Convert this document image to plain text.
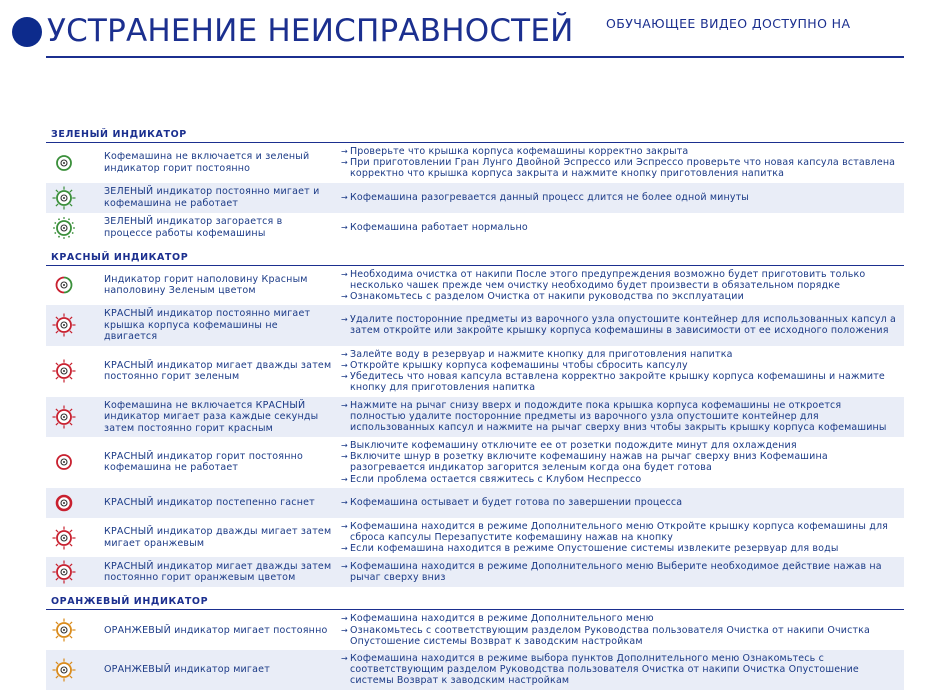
УСТРАНЕНИЕ НЕИСПРАВНОСТЕЙ	ОБУЧАЮЩЕЕ ВИДЕО ДОСТУПНО НА
ЗЕЛЕНЫЙ ИНДИКАТОР
Кофемашина не включается и зеленый индикатор горит постоянно
→ Проверьте что крышка корпуса кофемашины корректно закрыта
→ При приготовлении Гран Лунго Двойной Эспрессо или Эспрессо проверьте что новая капсула вставлена корректно что крышка корпуса закрыта и нажмите кнопку приготовления напитка
ЗЕЛЕНЫЙ индикатор постоянно мигает и кофемашина не работает
→ Кофемашина разогревается данный процесс длится не более одной минуты
ЗЕЛЕНЫЙ индикатор загорается в процессе работы кофемашины
→ Кофемашина работает нормально
КРАСНЫЙ ИНДИКАТОР
Индикатор горит наполовину Красным наполовину Зеленым цветом
→ Необходима очистка от накипи После этого предупреждения возможно будет приготовить только несколько чашек прежде чем очистку необходимо будет произвести в обязательном порядке
→ Ознакомьтесь с разделом Очистка от накипи руководства по эксплуатации
КРАСНЫЙ индикатор постоянно мигает крышка корпуса кофемашины не двигается
→ Удалите посторонние предметы из варочного узла опустошите контейнер для использованных капсул а затем откройте или закройте крышку корпуса кофемашины в зависимости от ее исходного положения
КРАСНЫЙ индикатор мигает дважды затем постоянно горит зеленым
→ Залейте воду в резервуар и нажмите кнопку для приготовления напитка
→ Откройте крышку корпуса кофемашины чтобы сбросить капсулу
→ Убедитесь что новая капсула вставлена корректно закройте крышку корпуса кофемашины и нажмите кнопку для приготовления напитка
Кофемашина не включается КРАСНЫЙ индикатор мигает раза каждые секунды затем постоянно горит красным
→ Нажмите на рычаг снизу вверх и подождите пока крышка корпуса кофемашины не откроется полностью удалите посторонние предметы из варочного узла опустошите контейнер для использованных капсул и нажмите на рычаг сверху вниз чтобы закрыть крышку корпуса кофемашины
КРАСНЫЙ индикатор горит постоянно кофемашина не работает
→ Выключите кофемашину отключите ее от розетки подождите минут для охлаждения
→ Включите шнур в розетку включите кофемашину нажав на рычаг сверху вниз Кофемашина разогревается индикатор загорится зеленым когда она будет готова
→ Если проблема остается свяжитесь с Клубом Неспрессо
КРАСНЫЙ индикатор постепенно гаснет
→	Кофемашина остывает и будет готова по завершении процесса
КРАСНЫЙ индикатор дважды мигает затем мигает оранжевым
→ Кофемашина находится в режиме Дополнительного меню Откройте крышку корпуса кофемашины для сброса капсулы Перезапустите кофемашину нажав на кнопку
→ Если кофемашина находится в режиме Опустошение системы извлеките резервуар для воды
КРАСНЫЙ индикатор мигает дважды затем постоянно горит оранжевым цветом
→ Кофемашина находится в режиме Дополнительного меню Выберите необходимое действие нажав на рычаг сверху вниз
ОРАНЖЕВЫЙ ИНДИКАТОР
ОРАНЖЕВЫЙ индикатор мигает постоянно
→ Кофемашина находится в режиме Дополнительного меню
→ Ознакомьтесь с соответствующим разделом Руководства пользователя Очистка от накипи Очистка Опустошение системы Возврат к заводским настройкам
ОРАНЖЕВЫЙ индикатор мигает
→ Кофемашина находится в режиме выбора пунктов Дополнительного меню Ознакомьтесь с соответствующим разделом Руководства пользователя Очистка от накипи Очистка Опустошение системы Возврат к заводским настройкам
